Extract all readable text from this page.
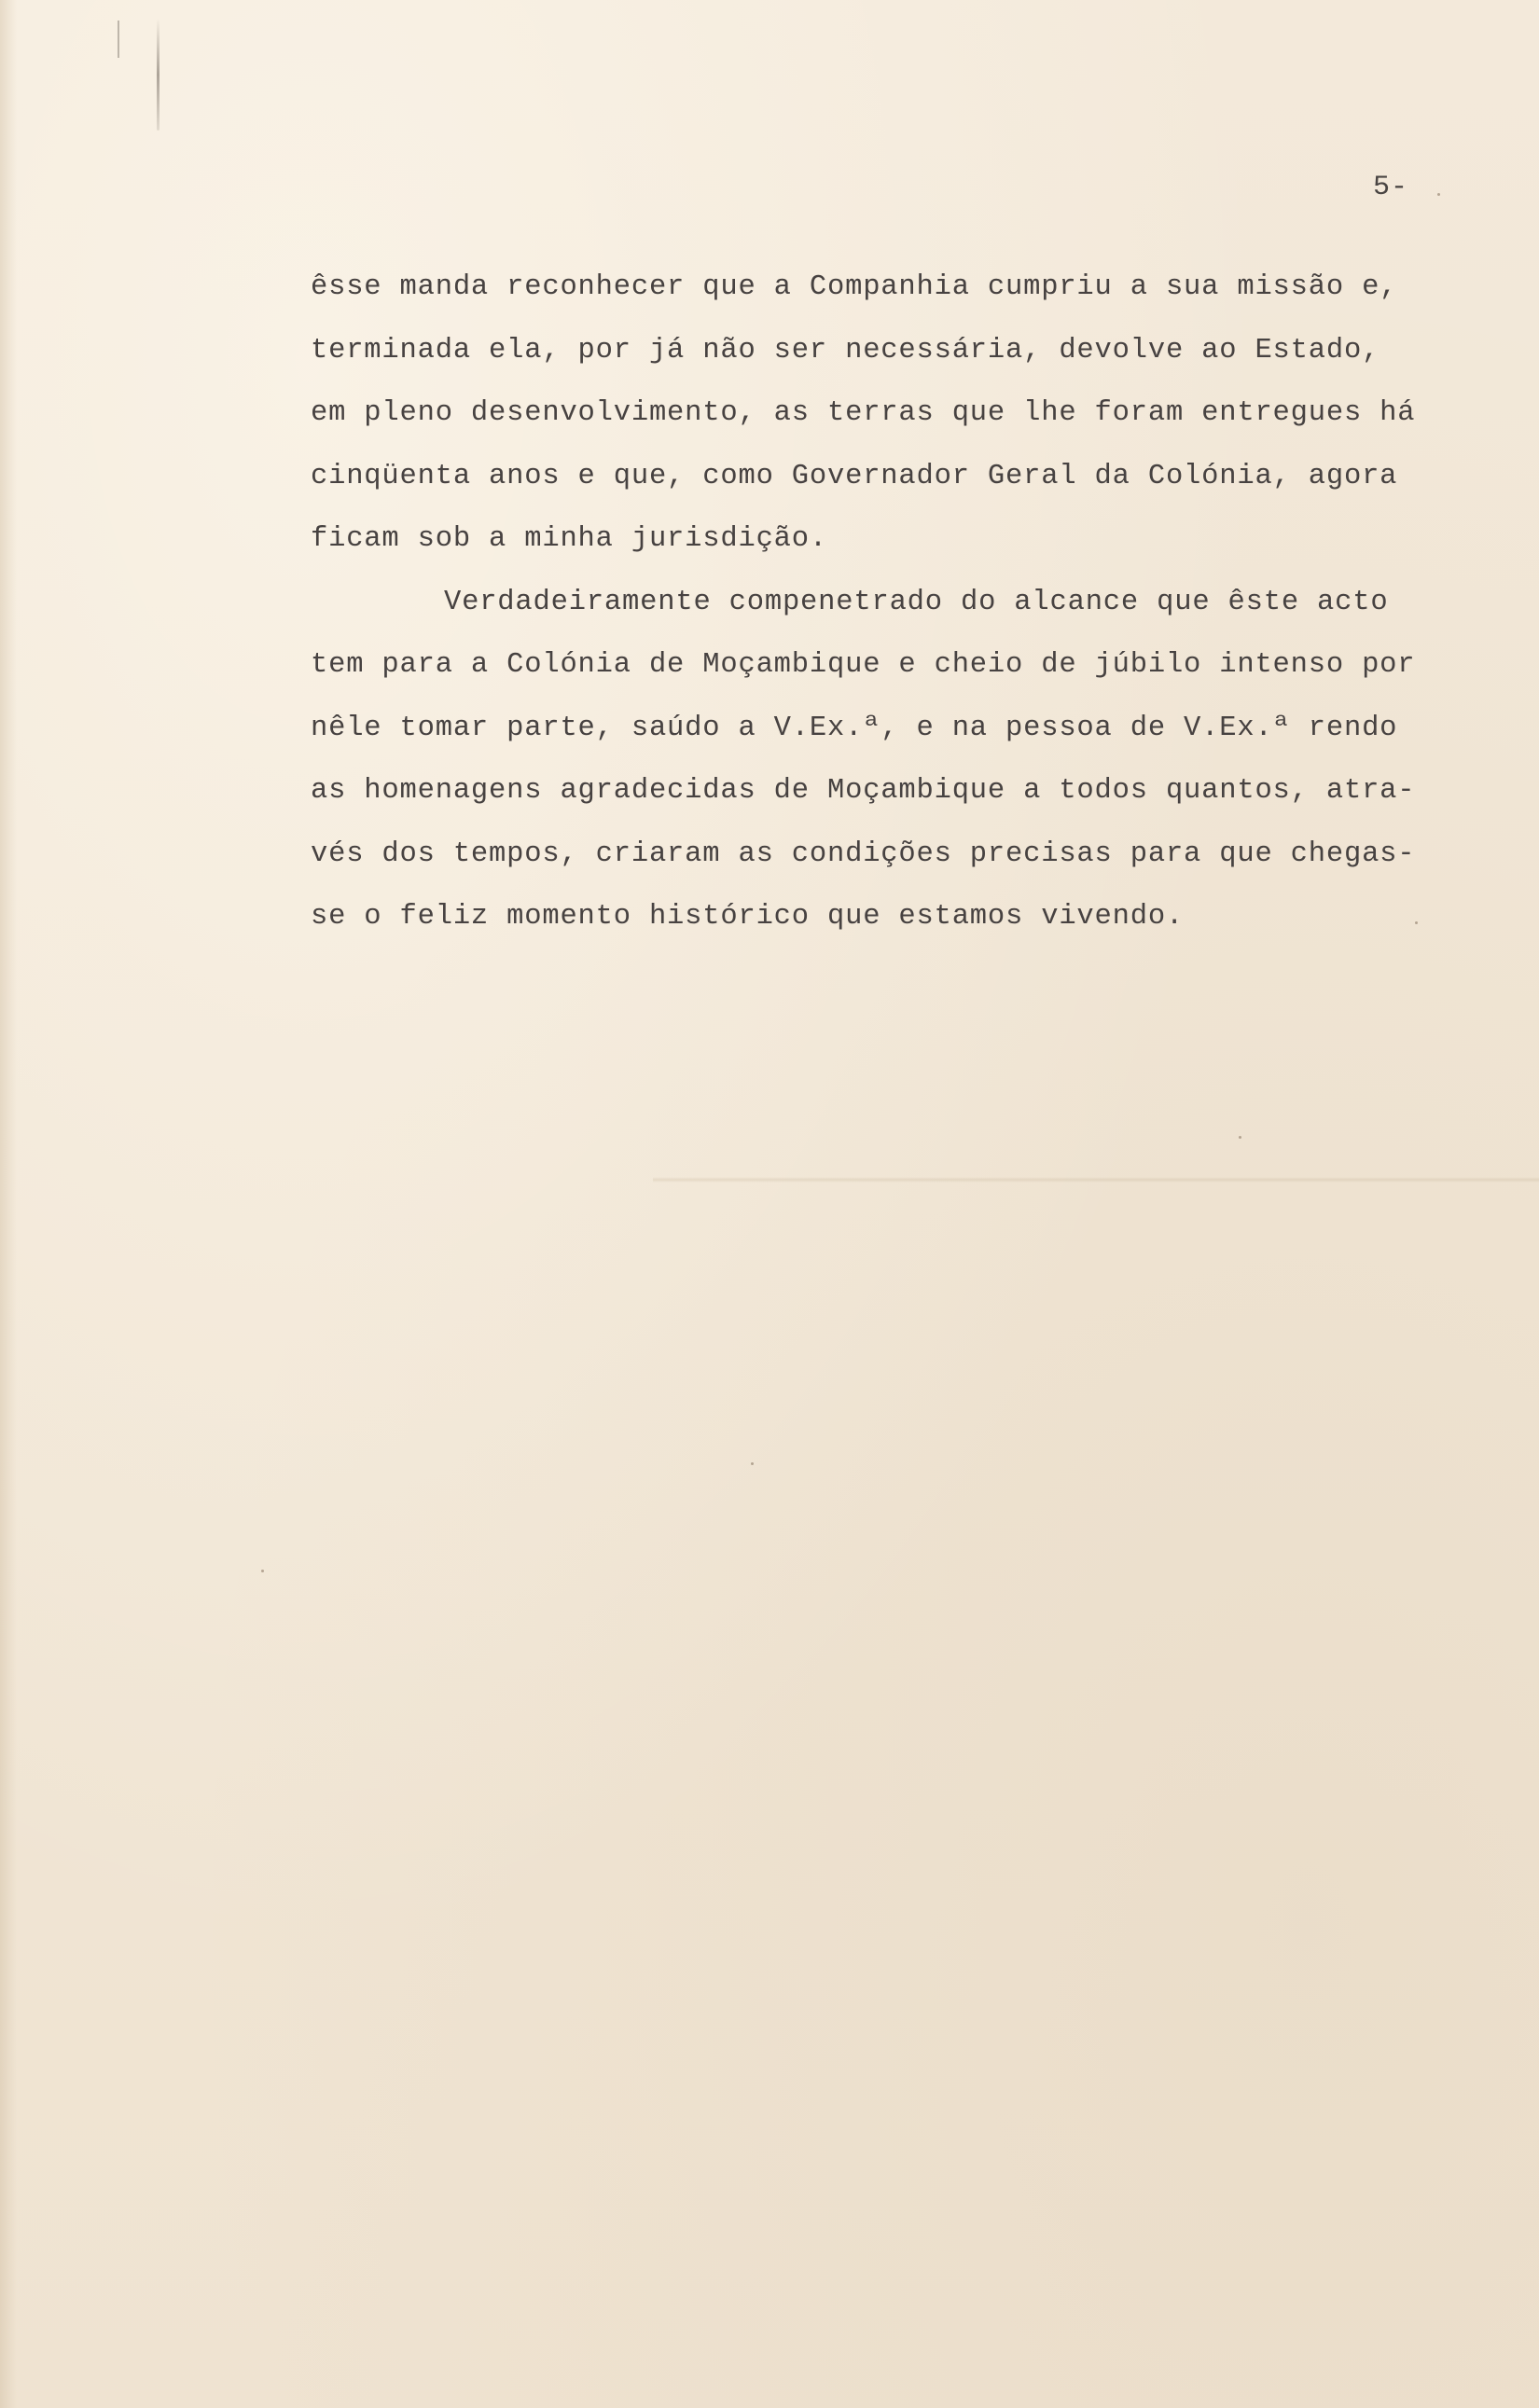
5-
êsse manda reconhecer que a Companhia cumpriu a sua missão e,
terminada ela, por já não ser necessária, devolve ao Estado,
em pleno desenvolvimento, as terras que lhe foram entregues há
cinqüenta anos e que, como Governador Geral da Colónia, agora
ficam sob a minha jurisdição.
Verdadeiramente compenetrado do alcance que êste acto
tem para a Colónia de Moçambique e cheio de júbilo intenso por
nêle tomar parte, saúdo a V.Ex.ª, e na pessoa de V.Ex.ª rendo
as homenagens agradecidas de Moçambique a todos quantos, atra-
vés dos tempos, criaram as condições precisas para que chegas-
se o feliz momento histórico que estamos vivendo.
